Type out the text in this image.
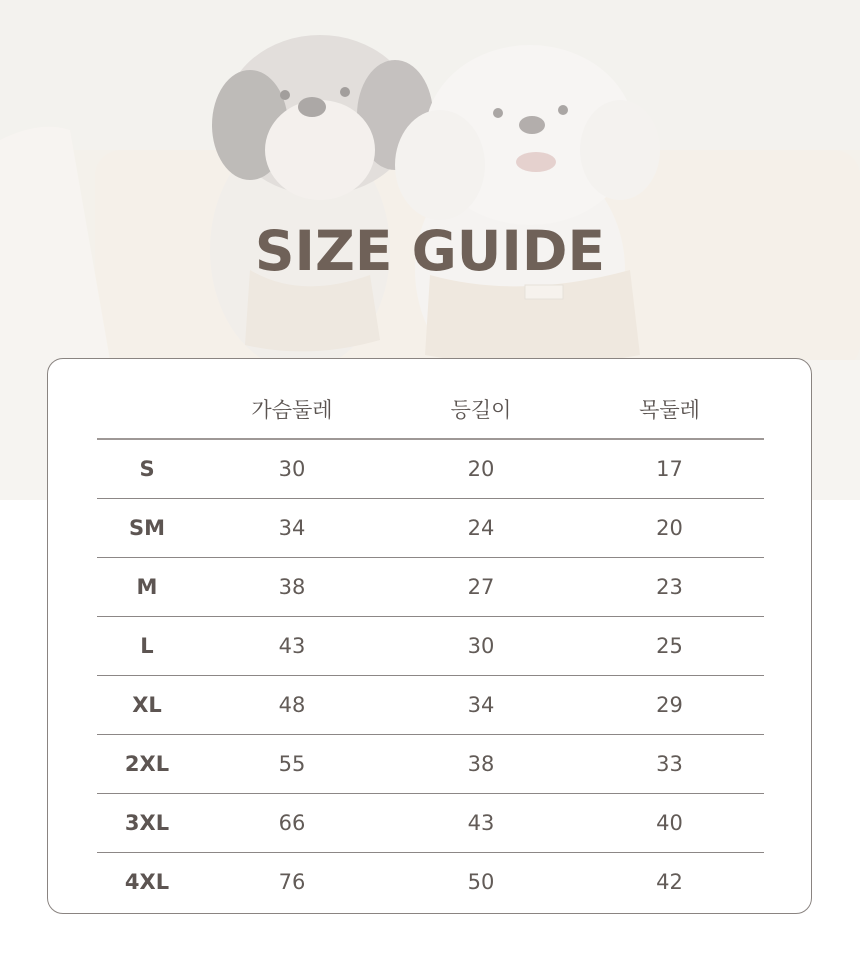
SIZE GUIDE
	가슴둘레	등길이	목둘레
S	30	20	17
SM	34	24	20
M	38	27	23
L	43	30	25
XL	48	34	29
2XL	55	38	33
3XL	66	43	40
4XL	76	50	42
